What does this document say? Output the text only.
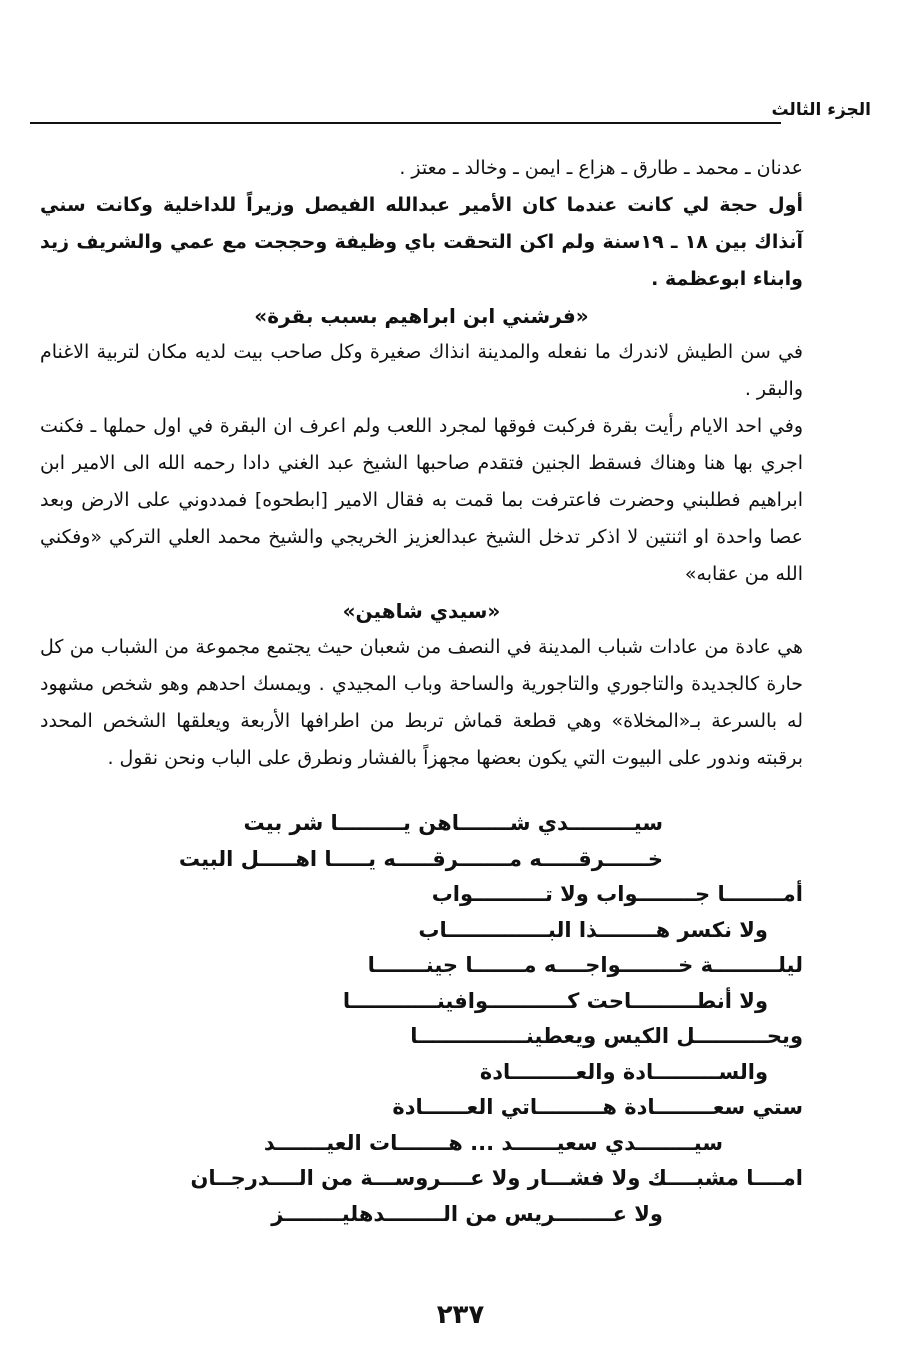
الجزء الثالث

عدنان ـ محمد ـ طارق ـ هزاع ـ ايمن ـ وخالد ـ معتز .

أول حجة لي كانت عندما كان الأمير عبدالله الفيصل وزيراً للداخلية وكانت سني آنذاك بين ١٨ ـ ١٩سنة ولم اكن التحقت باي وظيفة وحججت مع عمي والشريف زيد وابناء ابوعظمة .

«فرشني ابن ابراهيم بسبب بقرة»

في سن الطيش لاندرك ما نفعله والمدينة انذاك صغيرة وكل صاحب بيت لديه مكان لتربية الاغنام والبقر .

وفي احد الايام رأيت بقرة فركبت فوقها لمجرد اللعب ولم اعرف ان البقرة في اول حملها ـ فكنت اجري بها هنا وهناك فسقط الجنين فتقدم صاحبها الشيخ عبد الغني دادا رحمه الله الى الامير ابن ابراهيم فطلبني وحضرت فاعترفت بما قمت به فقال الامير [ابطحوه] فمددوني على الارض وبعد عصا واحدة او اثنتين لا اذكر تدخل الشيخ عبدالعزيز الخريجي والشيخ محمد العلي التركي «وفكني الله من عقابه»

«سيدي شاهين»

هي عادة من عادات شباب المدينة في النصف من شعبان حيث يجتمع مجموعة من الشباب من كل حارة كالجديدة والتاجوري والتاجورية والساحة وباب المجيدي . ويمسك احدهم وهو شخص مشهود له بالسرعة بـ«المخلاة» وهي قطعة قماش تربط من اطرافها الأربعة ويعلقها الشخص المحدد برقبته وندور على البيوت التي يكون بعضها مجهزاً بالفشار ونطرق على الباب ونحن نقول .

سيـــــــــدي شـــــــاهن يـــــــــا شر بيت

خــــــرقـــــه مـــــــرقـــــه يـــــا اهـــــل البيت

أمــــــــا جــــــــواب ولا تــــــــــواب

ولا نكسر هــــــــذا البــــــــــــــاب

ليلـــــــــة خــــــــواجــــه مـــــــا جينـــــــا

ولا أنطـــــــــاحت كـــــــــــوافينــــــــــــا

ويحــــــــــل الكيس ويعطينـــــــــــــــا

والســـــــــادة والعـــــــــادة

ستي سعــــــــادة هـــــــــاتي العــــــادة

سيــــــــدي سعيــــــد ... هـــــــات العيـــــــد

امــــا مشبــــك ولا فشـــار ولا عــــروســـة من الــــدرجــان

ولا عــــــــريس من الــــــــدهليــــــــز

٢٣٧
